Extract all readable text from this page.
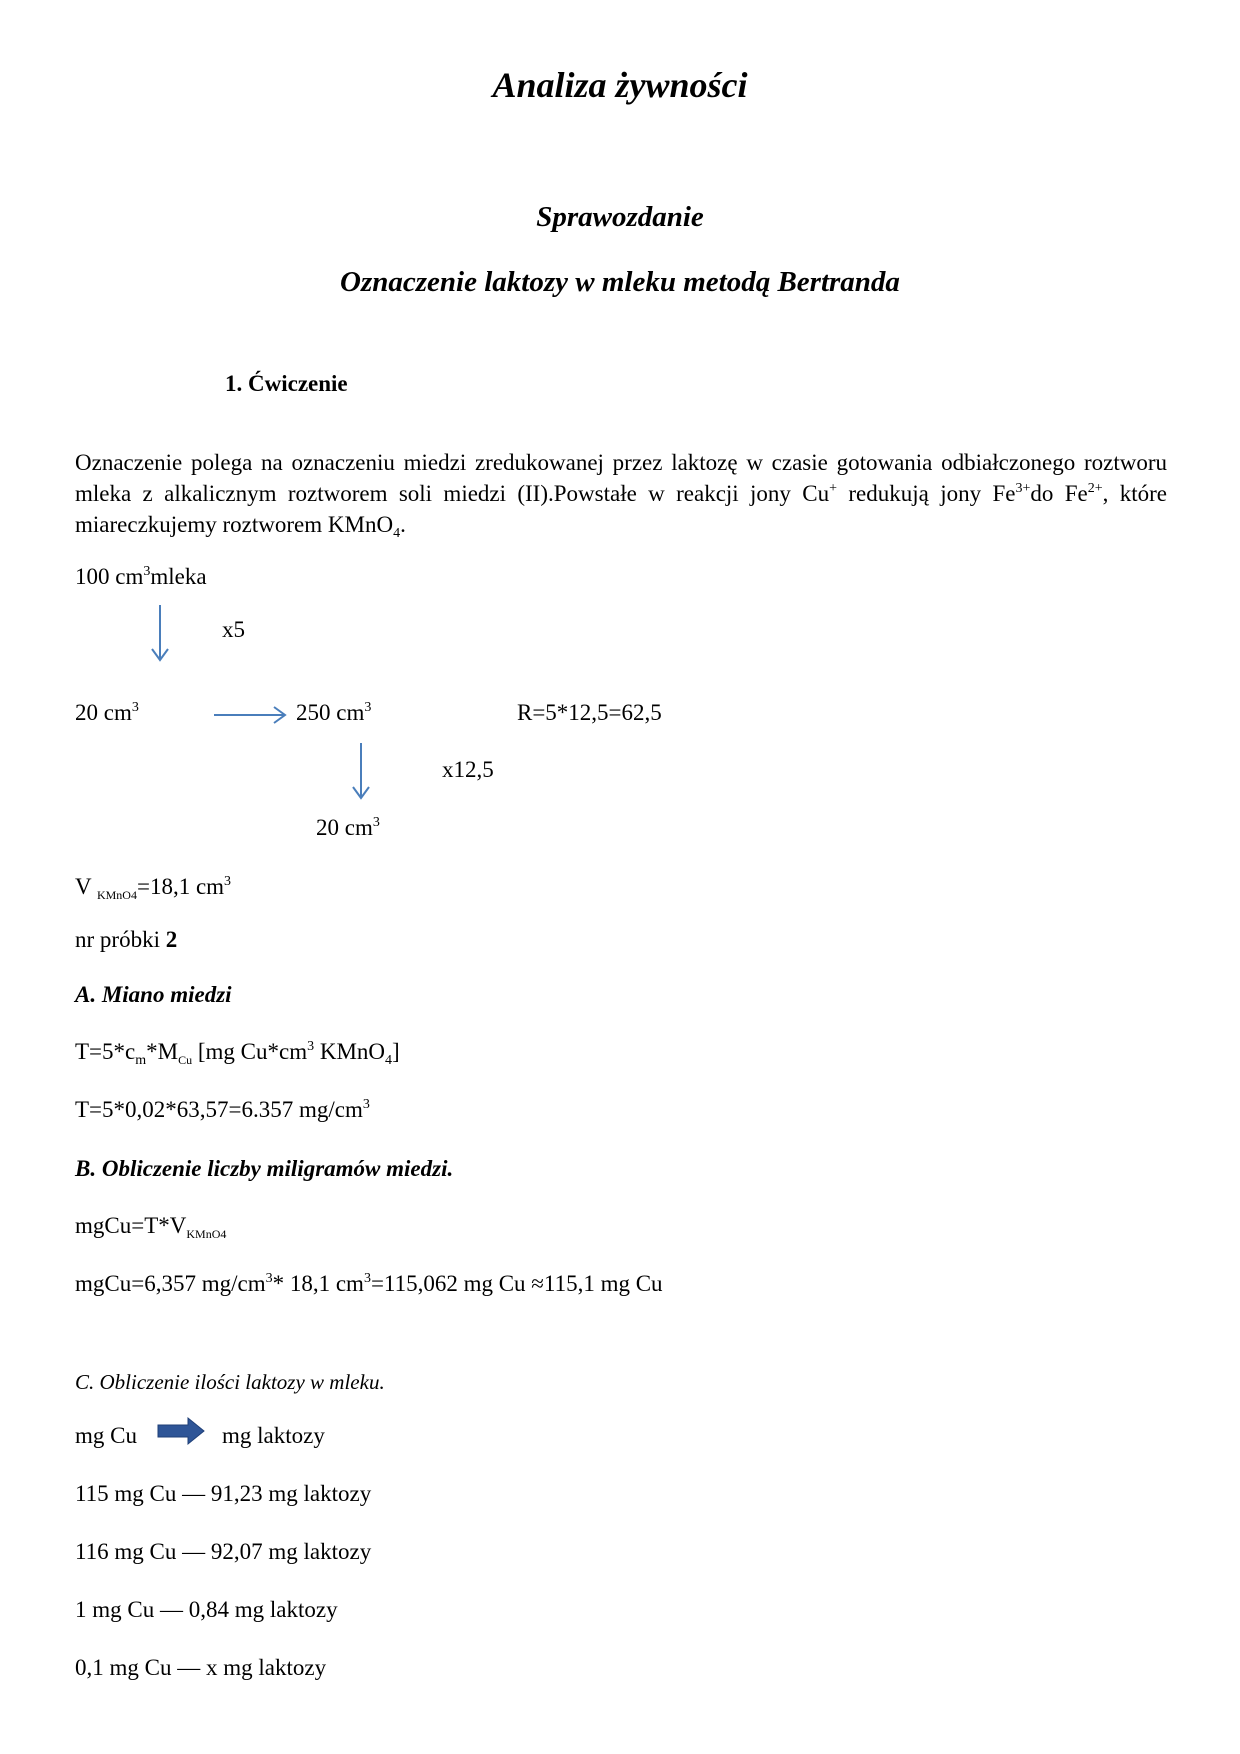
Analiza żywności
Sprawozdanie
Oznaczenie laktozy w mleku metodą Bertranda
1. Ćwiczenie
Oznaczenie polega na oznaczeniu miedzi zredukowanej przez laktozę w czasie gotowania odbiałczonego roztworu mleka z alkalicznym roztworem soli miedzi (II).Powstałe w reakcji jony Cu+ redukują jony $Fe^{3+}do$ $Fe^{2+}$, które miareczkujemy roztworem KMnO$_4$.
100 $cm^3mleka$
x5
20 $cm^3$	250 $cm^3$	R=5*12,5=62,5
x12,5
20 $cm^3$
V $_{KMnO4}$=18,1 $cm^3$
nr próbki 2
A. Miano miedzi
$T=5*c_m*M_{Cu}$ [mg $Cu*cm^3$ KMnO$_4$]
T=5*0,02*63,57=6.357 $mg/cm^3$
B. Obliczenie liczby miligramów miedzi.
$mgCu=T*V_{KMnO4}$
mgCu=6,357 $mg/cm^3*$ 18,1 $cm^3=115,062$ mg Cu ≈115,1 mg Cu
C. Obliczenie ilości laktozy w mleku.
mg Cu	mg laktozy
115 mg Cu — 91,23 mg laktozy
116 mg Cu — 92,07 mg laktozy
1 mg Cu — 0,84 mg laktozy
0,1 mg Cu — x mg laktozy
